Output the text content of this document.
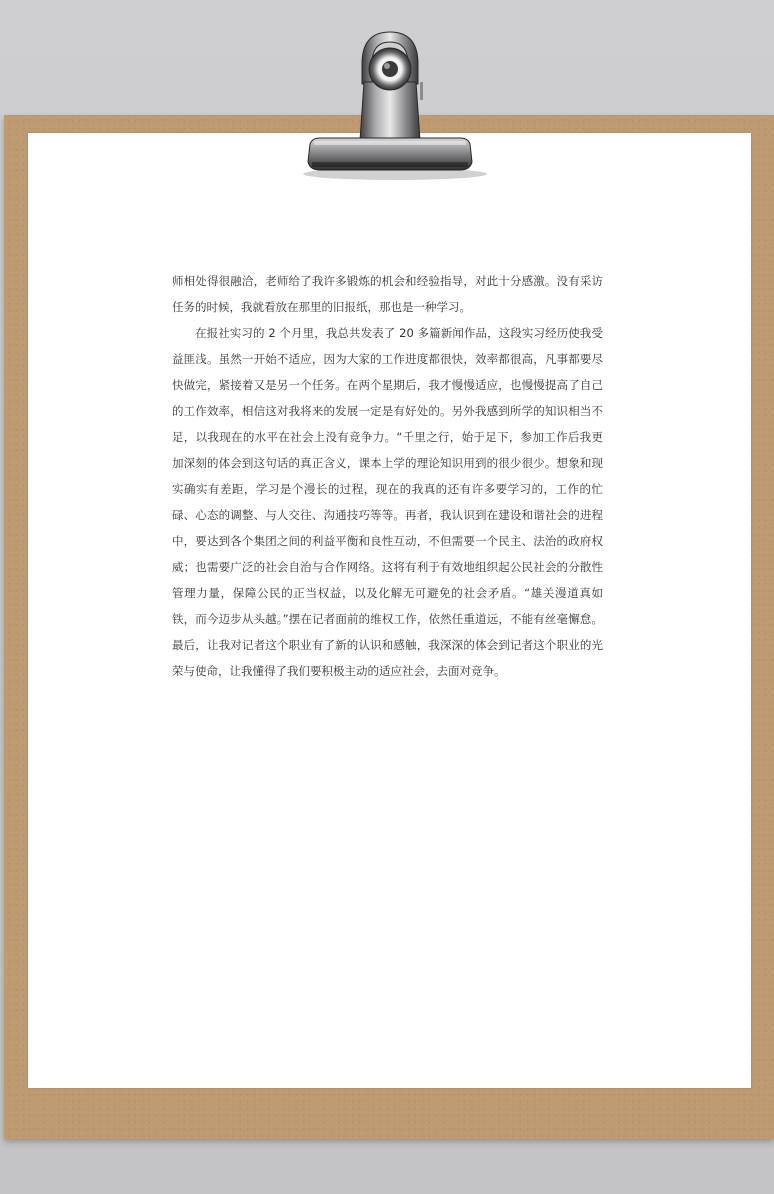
师相处得很融洽，老师给了我许多锻炼的机会和经验指导，对此十分感激。没有采访任务的时候，我就看放在那里的旧报纸，那也是一种学习。

在报社实习的 2 个月里，我总共发表了 20 多篇新闻作品，这段实习经历使我受益匪浅。虽然一开始不适应，因为大家的工作进度都很快，效率都很高，凡事都要尽快做完，紧接着又是另一个任务。在两个星期后，我才慢慢适应，也慢慢提高了自己的工作效率，相信这对我将来的发展一定是有好处的。另外我感到所学的知识相当不足，以我现在的水平在社会上没有竞争力。“千里之行，始于足下，参加工作后我更加深刻的体会到这句话的真正含义，课本上学的理论知识用到的很少很少。想象和现实确实有差距，学习是个漫长的过程，现在的我真的还有许多要学习的，工作的忙碌、心态的调整、与人交往、沟通技巧等等。再者，我认识到在建设和谐社会的进程中，要达到各个集团之间的利益平衡和良性互动，不但需要一个民主、法治的政府权威；也需要广泛的社会自治与合作网络。这将有利于有效地组织起公民社会的分散性管理力量，保障公民的正当权益，以及化解无可避免的社会矛盾。“雄关漫道真如铁，而今迈步从头越。”摆在记者面前的维权工作，依然任重道远，不能有丝毫懈怠。最后，让我对记者这个职业有了新的认识和感触，我深深的体会到记者这个职业的光荣与使命，让我懂得了我们要积极主动的适应社会，去面对竞争。
